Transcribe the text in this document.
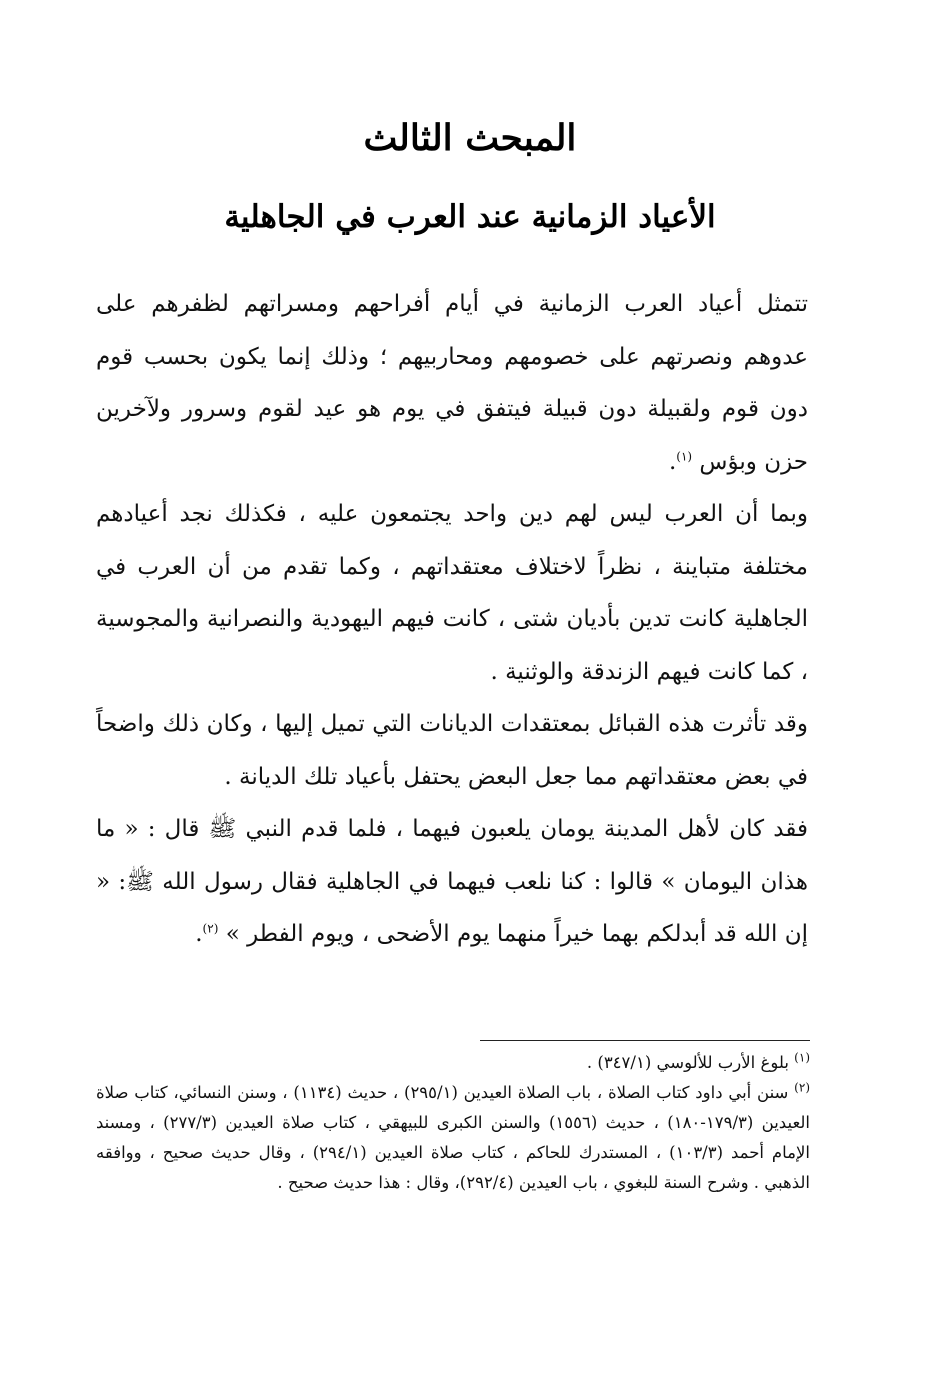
المبحث الثالث
الأعياد الزمانية عند العرب في الجاهلية

تتمثل أعياد العرب الزمانية في أيام أفراحهم ومسراتهم لظفرهم على عدوهم ونصرتهم على خصومهم ومحاربيهم ؛ وذلك إنما يكون بحسب قوم دون قوم ولقبيلة دون قبيلة فيتفق في يوم هو عيد لقوم وسرور ولآخرين حزن وبؤس $^{(١)}$.

وبما أن العرب ليس لهم دين واحد يجتمعون عليه ، فكذلك نجد أعيادهم مختلفة متباينة ، نظراً لاختلاف معتقداتهم ، وكما تقدم من أن العرب في الجاهلية كانت تدين بأديان شتى ، كانت فيهم اليهودية والنصرانية والمجوسية ، كما كانت فيهم الزندقة والوثنية .

وقد تأثرت هذه القبائل بمعتقدات الديانات التي تميل إليها ، وكان ذلك واضحاً في بعض معتقداتهم مما جعل البعض يحتفل بأعياد تلك الديانة .

فقد كان لأهل المدينة يومان يلعبون فيهما ، فلما قدم النبي ﷺ قال : « ما هذان اليومان » قالوا : كنا نلعب فيهما في الجاهلية فقال رسول الله ﷺ: « إن الله قد أبدلكم بهما خيراً منهما يوم الأضحى ، ويوم الفطر » $^{(٢)}$.

$^{(١)}$ بلوغ الأرب للألوسي (٣٤٧/١) .

$^{(٢)}$ سنن أبي داود كتاب الصلاة ، باب الصلاة العيدين (٢٩٥/١) ، حديث (١١٣٤) ، وسنن النسائي، كتاب صلاة العيدين (١٧٩/٣-١٨٠) ، حديث (١٥٥٦) والسنن الكبرى للبيهقي ، كتاب صلاة العيدين (٢٧٧/٣) ، ومسند الإمام أحمد (١٠٣/٣) ، المستدرك للحاكم ، كتاب صلاة العيدين (٢٩٤/١) ، وقال حديث صحيح ، ووافقه الذهبي . وشرح السنة للبغوي ، باب العيدين (٢٩٢/٤)، وقال : هذا حديث صحيح .
